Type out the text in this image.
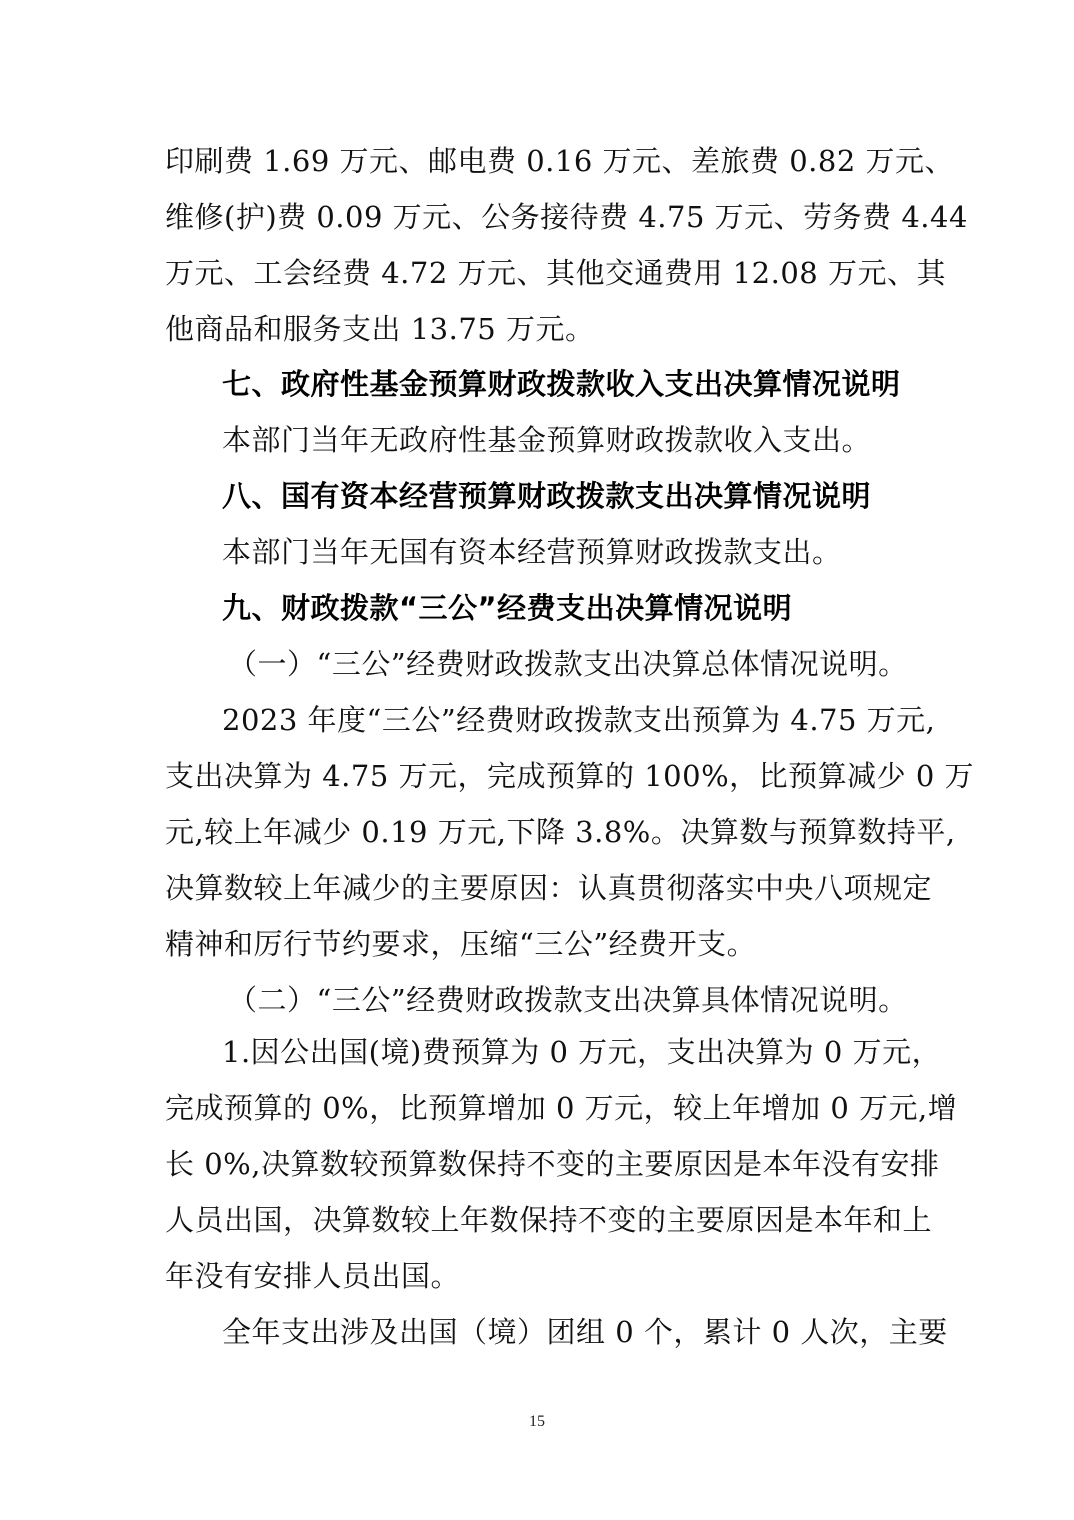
印刷费 1.69 万元、邮电费 0.16 万元、差旅费 0.82 万元、
维修(护)费 0.09 万元、公务接待费 4.75 万元、劳务费 4.44
万元、工会经费 4.72 万元、其他交通费用 12.08 万元、其
他商品和服务支出 13.75 万元。
七、政府性基金预算财政拨款收入支出决算情况说明
本部门当年无政府性基金预算财政拨款收入支出。
八、国有资本经营预算财政拨款支出决算情况说明
本部门当年无国有资本经营预算财政拨款支出。
九、财政拨款“三公”经费支出决算情况说明
（一）“三公”经费财政拨款支出决算总体情况说明。
2023 年度“三公”经费财政拨款支出预算为 4.75 万元,
支出决算为 4.75 万元，完成预算的 100%，比预算减少 0 万
元,较上年减少 0.19 万元,下降 3.8%。决算数与预算数持平,
决算数较上年减少的主要原因：认真贯彻落实中央八项规定
精神和厉行节约要求，压缩“三公”经费开支。
（二）“三公”经费财政拨款支出决算具体情况说明。
1.因公出国(境)费预算为 0 万元，支出决算为 0 万元，
完成预算的 0%，比预算增加 0 万元，较上年增加 0 万元,增
长 0%,决算数较预算数保持不变的主要原因是本年没有安排
人员出国，决算数较上年数保持不变的主要原因是本年和上
年没有安排人员出国。
全年支出涉及出国（境）团组 0 个，累计 0 人次，主要
15
